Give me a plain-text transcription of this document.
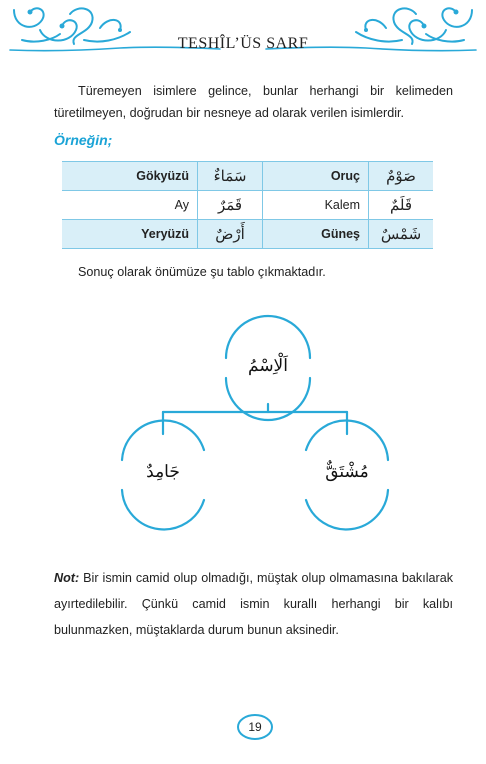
TESHÎL’ÜS SARF

Türemeyen isimlere gelince, bunlar herhangi bir kelimeden türetilmeyen, doğrudan bir nesneye ad olarak verilen isimlerdir.

Örneğin;
Gökyüzü	سَمَاءٌ	Oruç	صَوْمٌ
Ay	قَمَرٌ	Kalem	قَلَمٌ
Yeryüzü	أَرْضٌ	Güneş	شَمْسٌ
Sonuç olarak önümüze şu tablo çıkmaktadır.
اَلْاِسْمُ
جَامِدٌ	مُشْتَقٌّ

Not: Bir ismin camid olup olmadığı, müştak olup olmamasına bakılarak ayırtedilebilir. Çünkü camid ismin kurallı herhangi bir kalıbı bulunmazken, müştaklarda durum bunun aksinedir.

19
